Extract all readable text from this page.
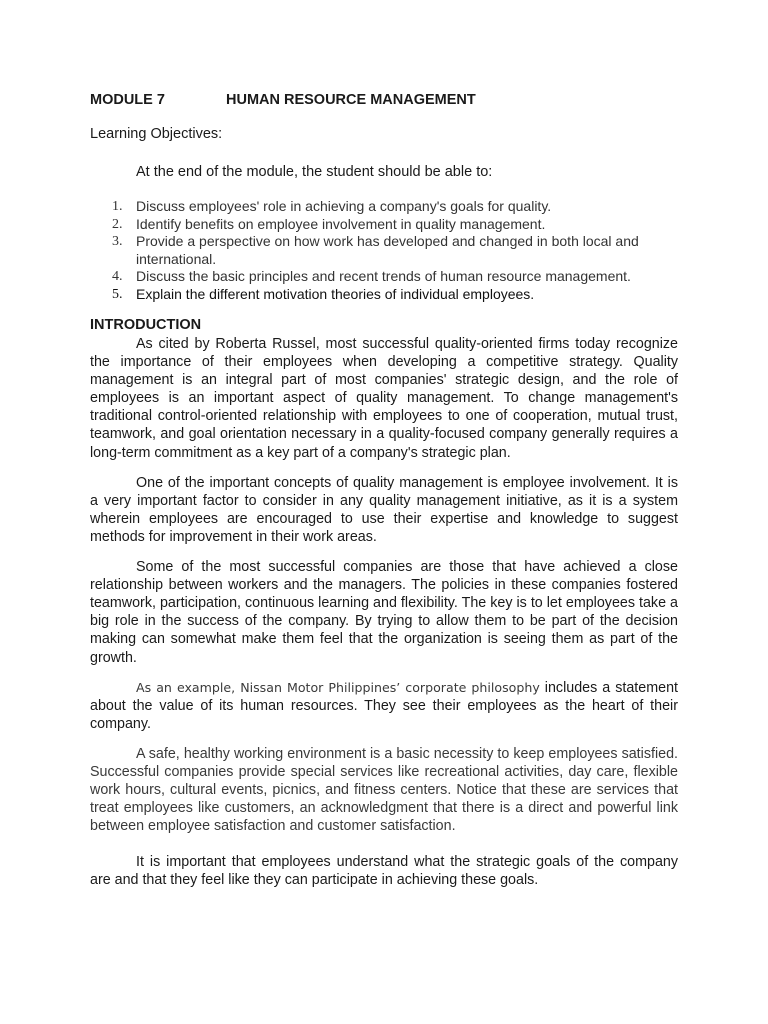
MODULE 7	HUMAN RESOURCE MANAGEMENT
Learning Objectives:
At the end of the module, the student should be able to:
1. Discuss employees' role in achieving a company's goals for quality.
2. Identify benefits on employee involvement in quality management.
3. Provide a perspective on how work has developed and changed in both local and international.
4. Discuss the basic principles and recent trends of human resource management.
5. Explain the different motivation theories of individual employees.
INTRODUCTION

As cited by Roberta Russel, most successful quality-oriented firms today recognize the importance of their employees when developing a competitive strategy. Quality management is an integral part of most companies' strategic design, and the role of employees is an important aspect of quality management. To change management's traditional control-oriented relationship with employees to one of cooperation, mutual trust, teamwork, and goal orientation necessary in a quality-focused company generally requires a long-term commitment as a key part of a company's strategic plan.

One of the important concepts of quality management is employee involvement. It is a very important factor to consider in any quality management initiative, as it is a system wherein employees are encouraged to use their expertise and knowledge to suggest methods for improvement in their work areas.

Some of the most successful companies are those that have achieved a close relationship between workers and the managers. The policies in these companies fostered teamwork, participation, continuous learning and flexibility. The key is to let employees take a big role in the success of the company. By trying to allow them to be part of the decision making can somewhat make them feel that the organization is seeing them as part of the growth.

As an example, Nissan Motor Philippines’ corporate philosophy includes a statement about the value of its human resources. They see their employees as the heart of their company.

A safe, healthy working environment is a basic necessity to keep employees satisfied. Successful companies provide special services like recreational activities, day care, flexible work hours, cultural events, picnics, and fitness centers. Notice that these are services that treat employees like customers, an acknowledgment that there is a direct and powerful link between employee satisfaction and customer satisfaction.

It is important that employees understand what the strategic goals of the company are and that they feel like they can participate in achieving these goals.
